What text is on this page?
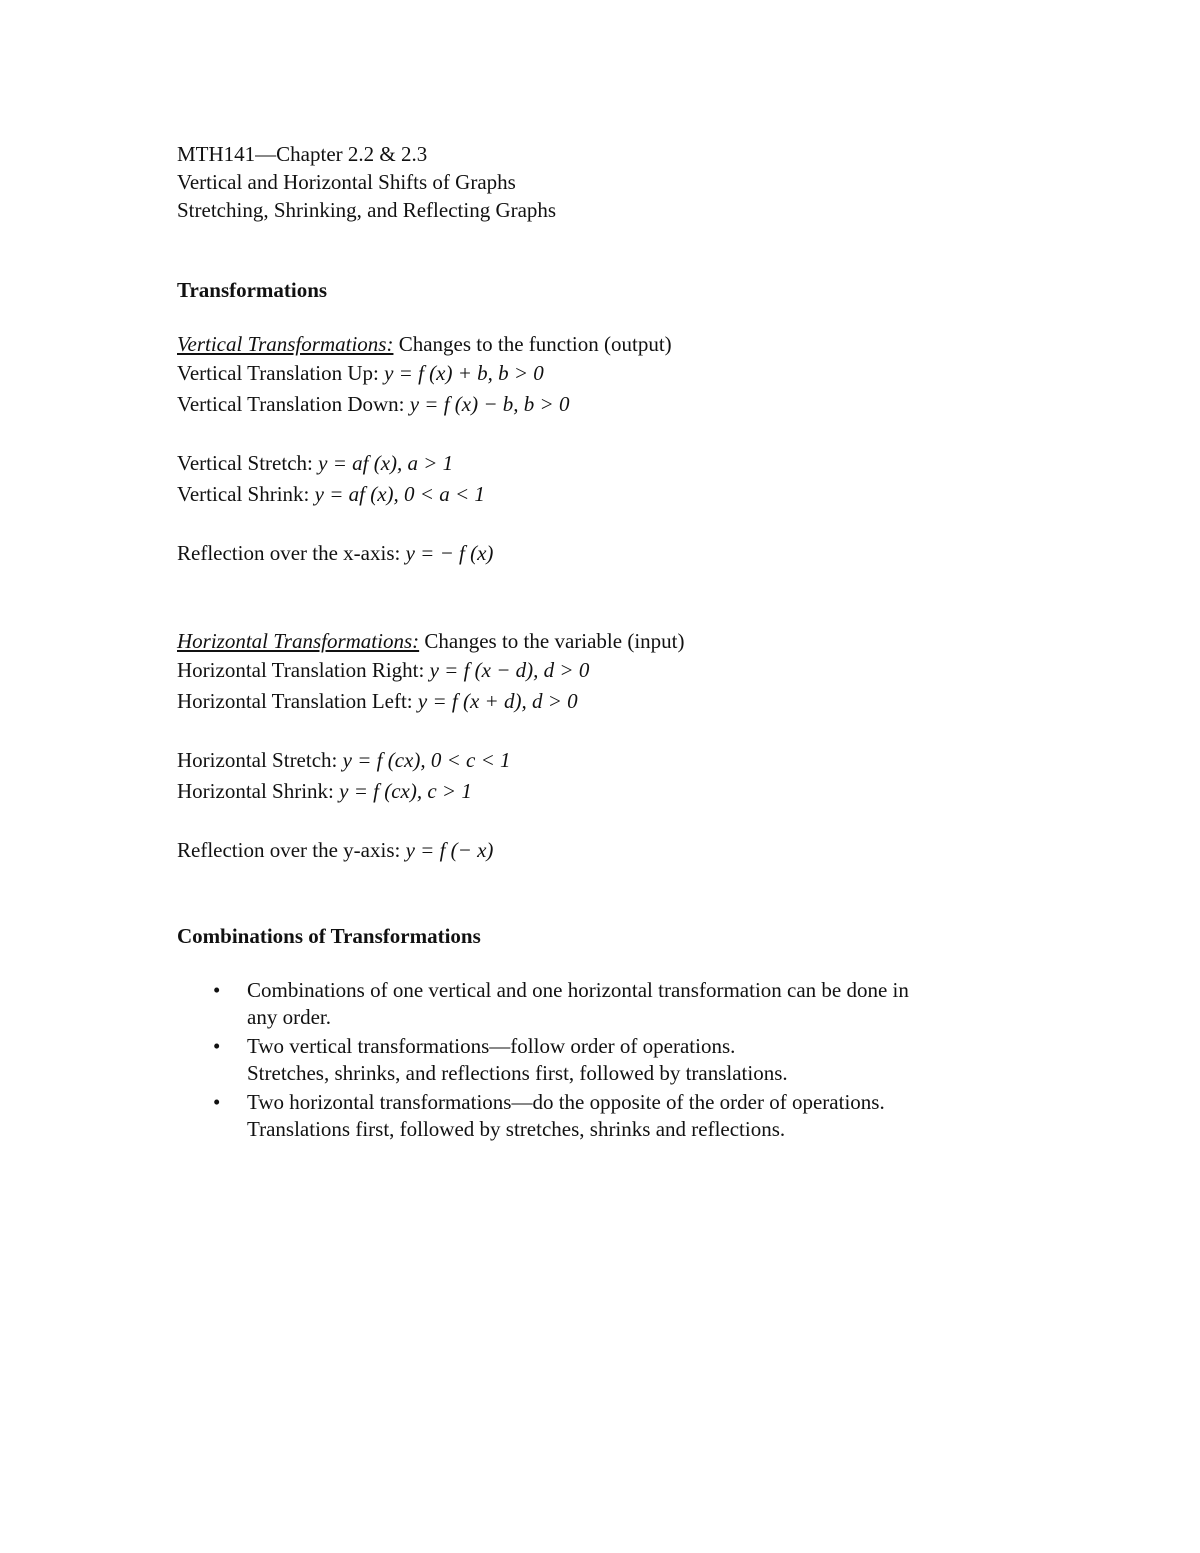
MTH141—Chapter 2.2 & 2.3
Vertical and Horizontal Shifts of Graphs
Stretching, Shrinking, and Reflecting Graphs
Transformations
Vertical Transformations: Changes to the function (output)
Vertical Translation Up: y = f (x) + b, b > 0
Vertical Translation Down: y = f (x) − b, b > 0
Vertical Stretch: y = af (x), a > 1
Vertical Shrink: y = af (x), 0 < a < 1
Reflection over the x-axis: y = − f (x)
Horizontal Transformations: Changes to the variable (input)
Horizontal Translation Right: y = f (x − d), d > 0
Horizontal Translation Left: y = f (x + d), d > 0
Horizontal Stretch: y = f (cx), 0 < c < 1
Horizontal Shrink: y = f (cx), c > 1
Reflection over the y-axis: y = f (− x)
Combinations of Transformations
• Combinations of one vertical and one horizontal transformation can be done in
any order.
• Two vertical transformations—follow order of operations.
Stretches, shrinks, and reflections first, followed by translations.
• Two horizontal transformations—do the opposite of the order of operations.
Translations first, followed by stretches, shrinks and reflections.
